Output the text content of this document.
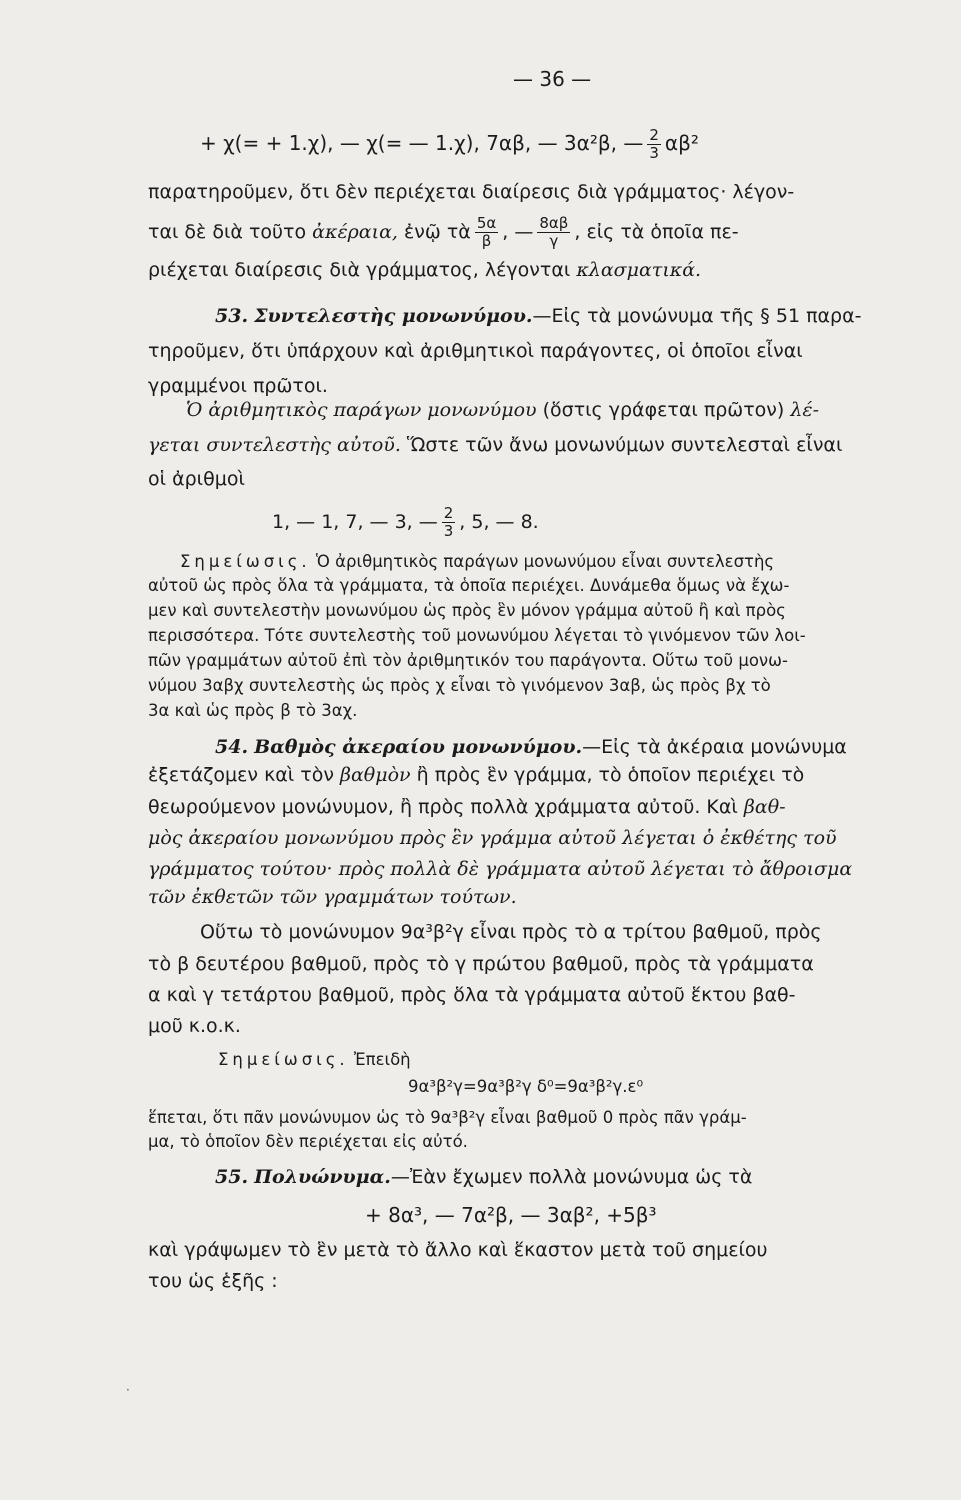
— 36 —
+ χ(= + 1.χ), — χ(= — 1.χ), 7αβ, — 3α²β, — $\frac{2}{3} \alpha\beta^2$
παρατηροῦμεν, ὅτι δὲν περιέχεται διαίρεσις διὰ γράμματος· λέγον-
ται δὲ διὰ τοῦτο ἀκέραια, ἐνῷ τὰ $\frac{5\alpha}{\beta}$ , — $\frac{8\alpha\beta}{\gamma}$ , εἰς τὰ ὁποῖα πε-
ριέχεται διαίρεσις διὰ γράμματος, λέγονται κλασματικά.
53. Συντελεστὴς μονωνύμου.—Εἰς τὰ μονώνυμα τῆς § 51 παρα-
τηροῦμεν, ὅτι ὑπάρχουν καὶ ἀριθμητικοὶ παράγοντες, οἱ ὁποῖοι εἶναι
γραμμένοι πρῶτοι.
Ὁ ἀριθμητικὸς παράγων μονωνύμου (ὅστις γράφεται πρῶτον) λέ-
γεται συντελεστὴς αὐτοῦ. Ὥστε τῶν ἄνω μονωνύμων συντελεσταὶ εἶναι
οἱ ἀριθμοὶ
1, — 1, 7, — 3, — $\frac{2}{3}$ , 5, — 8.
Σημείωσις. Ὁ ἀριθμητικὸς παράγων μονωνύμου εἶναι συντελεστὴς
αὐτοῦ ὡς πρὸς ὅλα τὰ γράμματα, τὰ ὁποῖα περιέχει. Δυνάμεθα ὅμως νὰ ἔχω-
μεν καὶ συντελεστὴν μονωνύμου ὡς πρὸς ἓν μόνον γράμμα αὐτοῦ ἢ καὶ πρὸς
περισσότερα. Τότε συντελεστὴς τοῦ μονωνύμου λέγεται τὸ γινόμενον τῶν λοι-
πῶν γραμμάτων αὐτοῦ ἐπὶ τὸν ἀριθμητικόν του παράγοντα. Οὕτω τοῦ μονω-
νύμου 3αβχ συντελεστὴς ὡς πρὸς χ εἶναι τὸ γινόμενον 3αβ, ὡς πρὸς βχ τὸ
3α καὶ ὡς πρὸς β τὸ 3αχ.
54. Βαθμὸς ἀκεραίου μονωνύμου.—Εἰς τὰ ἀκέραια μονώνυμα
ἐξετάζομεν καὶ τὸν βαθμὸν ἢ πρὸς ἓν γράμμα, τὸ ὁποῖον περιέχει τὸ
θεωρούμενον μονώνυμον, ἢ πρὸς πολλὰ χράμματα αὐτοῦ. Καὶ βαθ-
μὸς ἀκεραίου μονωνύμου πρὸς ἓν γράμμα αὐτοῦ λέγεται ὁ ἐκθέτης τοῦ
γράμματος τούτου· πρὸς πολλὰ δὲ γράμματα αὐτοῦ λέγεται τὸ ἄθροισμα
τῶν ἐκθετῶν τῶν γραμμάτων τούτων.
Οὕτω τὸ μονώνυμον 9α³β²γ εἶναι πρὸς τὸ α τρίτου βαθμοῦ, πρὸς
τὸ β δευτέρου βαθμοῦ, πρὸς τὸ γ πρώτου βαθμοῦ, πρὸς τὰ γράμματα
α καὶ γ τετάρτου βαθμοῦ, πρὸς ὅλα τὰ γράμματα αὐτοῦ ἕκτου βαθ-
μοῦ κ.ο.κ.
Σημείωσις. Ἐπειδὴ
9α³β²γ=9α³β²γ δ⁰=9α³β²γ.ε⁰
ἕπεται, ὅτι πᾶν μονώνυμον ὡς τὸ 9α³β²γ εἶναι βαθμοῦ 0 πρὸς πᾶν γράμ-
μα, τὸ ὁποῖον δὲν περιέχεται εἰς αὐτό.
55. Πολυώνυμα.—Ἐὰν ἔχωμεν πολλὰ μονώνυμα ὡς τὰ
+ 8α³, — 7α²β, — 3αβ², +5β³
καὶ γράψωμεν τὸ ἓν μετὰ τὸ ἄλλο καὶ ἕκαστον μετὰ τοῦ σημείου
του ὡς ἑξῆς :
·
